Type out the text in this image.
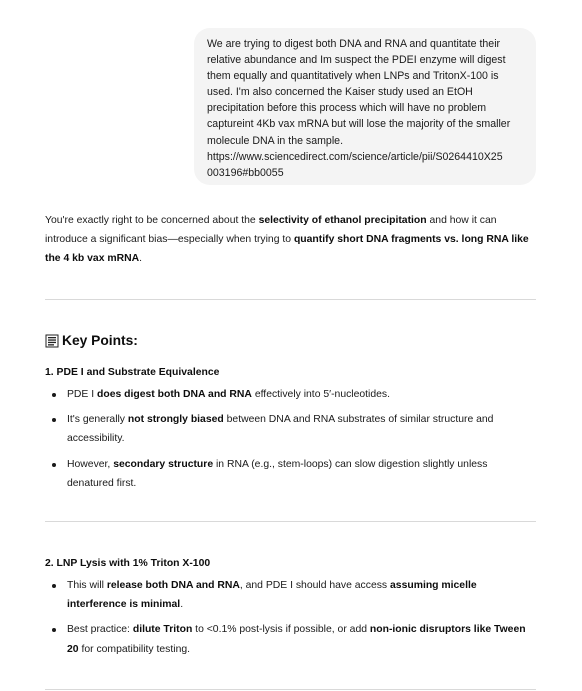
We are trying to digest both DNA and RNA and quantitate their

relative abundance and Im suspect the PDEI enzyme will digest

them equally and quantitatively when LNPs and TritonX-100 is

used. I'm also concerned the Kaiser study used an EtOH

precipitation before this process which will have no problem

captureint 4Kb vax mRNA but will lose the majority of the smaller

molecule DNA in the sample.

https://www.sciencedirect.com/science/article/pii/S0264410X25

003196#bb0055

You're exactly right to be concerned about the selectivity of ethanol precipitation and how it can introduce a significant bias—especially when trying to quantify short DNA fragments vs. long RNA like the 4 kb vax mRNA.

Key Points:

1. PDE I and Substrate Equivalence

PDE I does digest both DNA and RNA effectively into 5′-nucleotides.
It's generally not strongly biased between DNA and RNA substrates of similar structure and accessibility.
However, secondary structure in RNA (e.g., stem-loops) can slow digestion slightly unless denatured first.

2. LNP Lysis with 1% Triton X-100

This will release both DNA and RNA, and PDE I should have access assuming micelle interference is minimal.
Best practice: dilute Triton to <0.1% post-lysis if possible, or add non-ionic disruptors like Tween 20 for compatibility testing.
